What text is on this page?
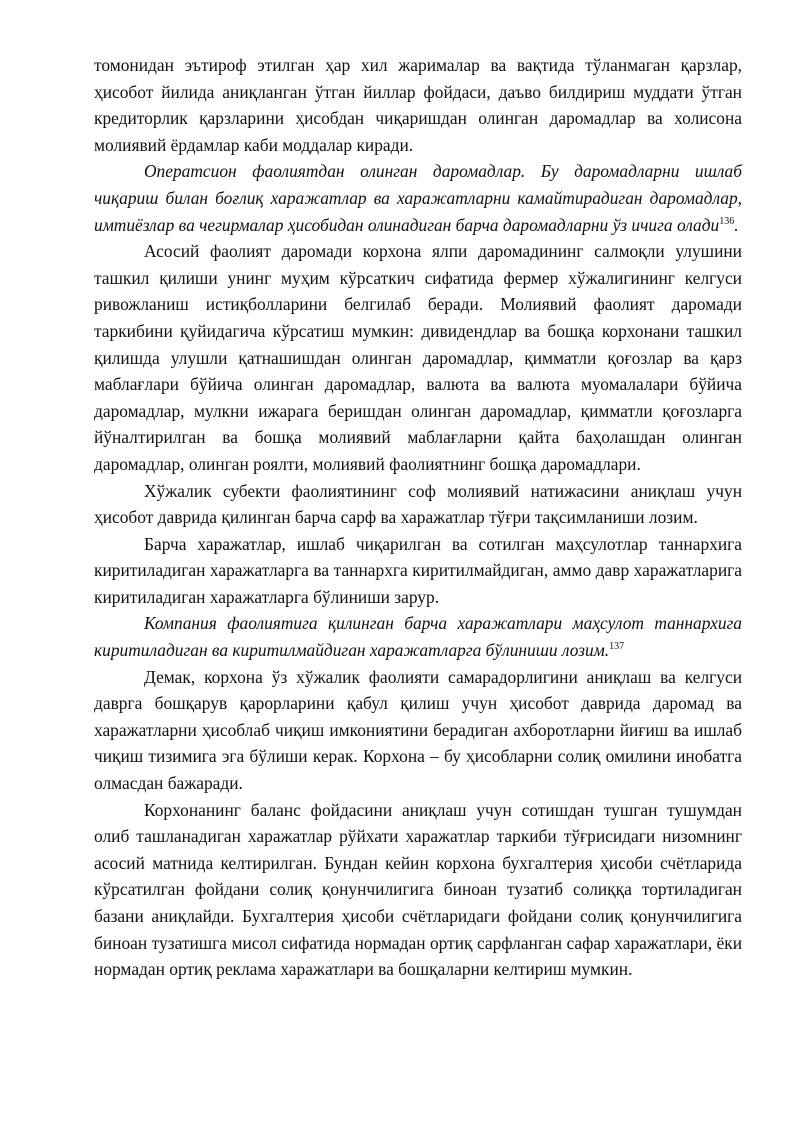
томонидан эътироф этилган ҳар хил жарималар ва вақтида тўланмаган қарзлар, ҳисобот йилида аниқланган ўтган йиллар фойдаси, даъво билдириш муддати ўтган кредиторлик қарзларини ҳисобдан чиқаришдан олинган даромадлар ва холисона молиявий ёрдамлар каби моддалар киради.

Оператсион фаолиятдан олинган даромадлар. Бу даромадларни ишлаб чиқариш билан боғлиқ харажатлар ва харажатларни камайтирадиган даромадлар, имтиёзлар ва чегирмалар ҳисобидан олинадиган барча даромадларни ўз ичига олади$^{136}$.

Асосий фаолият даромади корхона ялпи даромадининг салмоқли улушини ташкил қилиши унинг муҳим кўрсаткич сифатида фермер хўжалигининг келгуси ривожланиш истиқболларини белгилаб беради. Молиявий фаолият даромади таркибини қуйидагича кўрсатиш мумкин: дивидендлар ва бошқа корхонани ташкил қилишда улушли қатнашишдан олинган даромадлар, қимматли қоғозлар ва қарз маблағлари бўйича олинган даромадлар, валюта ва валюта муомалалари бўйича даромадлар, мулкни ижарага беришдан олинган даромадлар, қимматли қоғозларга йўналтирилган ва бошқа молиявий маблағларни қайта баҳолашдан олинган даромадлар, олинган роялти, молиявий фаолиятнинг бошқа даромадлари.

Хўжалик субекти фаолиятининг соф молиявий натижасини аниқлаш учун ҳисобот даврида қилинган барча сарф ва харажатлар тўғри тақсимланиши лозим.

Барча харажатлар, ишлаб чиқарилган ва сотилган маҳсулотлар таннархига киритиладиган харажатларга ва таннархга киритилмайдиган, аммо давр харажатларига киритиладиган харажатларга бўлиниши зарур.

Компания фаолиятига қилинган барча харажатлари маҳсулот таннархига киритиладиган ва киритилмайдиган харажатларга бўлиниши лозим.$^{137}$

Демак, корхона ўз хўжалик фаолияти самарадорлигини аниқлаш ва келгуси даврга бошқарув қарорларини қабул қилиш учун ҳисобот даврида даромад ва харажатларни ҳисоблаб чиқиш имкониятини берадиган ахборотларни йиғиш ва ишлаб чиқиш тизимига эга бўлиши керак. Корхона – бу ҳисобларни солиқ омилини инобатга олмасдан бажаради.

Корхонанинг баланс фойдасини аниқлаш учун сотишдан тушган тушумдан олиб ташланадиган харажатлар рўйхати харажатлар таркиби тўғрисидаги низомнинг асосий матнида келтирилган. Бундан кейин корхона бухгалтерия ҳисоби счётларида кўрсатилган фойдани солиқ қонунчилигига биноан тузатиб солиққа тортиладиган базани аниқлайди. Бухгалтерия ҳисоби счётларидаги фойдани солиқ қонунчилигига биноан тузатишга мисол сифатида нормадан ортиқ сарфланган сафар харажатлари, ёки нормадан ортиқ реклама харажатлари ва бошқаларни келтириш мумкин.
